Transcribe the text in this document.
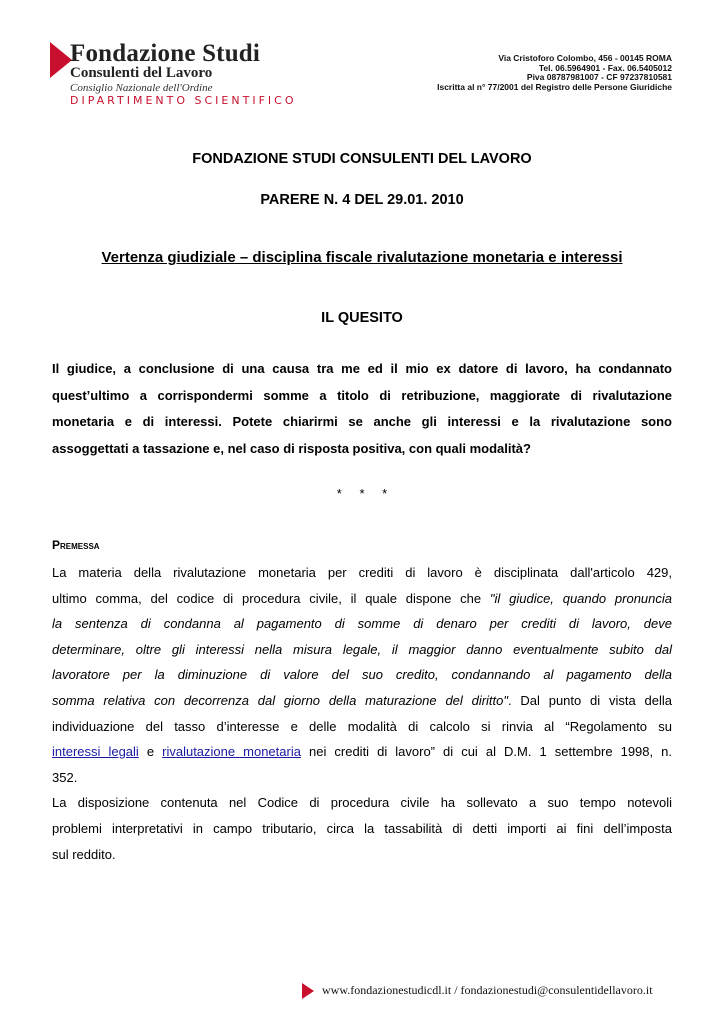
Fondazione Studi
Consulenti del Lavoro
Consiglio Nazionale dell'Ordine
DIPARTIMENTO SCIENTIFICO
Via Cristoforo Colombo, 456 - 00145 ROMA
Tel. 06.5964901 - Fax. 06.5405012
Piva 08787981007 - CF 97237810581
Iscritta al n° 77/2001 del Registro delle Persone Giuridiche
FONDAZIONE STUDI CONSULENTI DEL LAVORO
PARERE N. 4 DEL 29.01. 2010
Vertenza giudiziale – disciplina fiscale rivalutazione monetaria e interessi
IL QUESITO
Il giudice, a conclusione di una causa tra me ed il mio ex datore di lavoro, ha condannato
quest’ultimo a corrispondermi somme a titolo di retribuzione, maggiorate di rivalutazione
monetaria e di interessi. Potete chiarirmi se anche gli interessi e la rivalutazione sono
assoggettati a tassazione e, nel caso di risposta positiva, con quali modalità?
* * *
Premessa
La materia della rivalutazione monetaria per crediti di lavoro è disciplinata dall'articolo 429,
ultimo comma, del codice di procedura civile, il quale dispone che "il giudice, quando pronuncia
la sentenza di condanna al pagamento di somme di denaro per crediti di lavoro, deve
determinare, oltre gli interessi nella misura legale, il maggior danno eventualmente subito dal
lavoratore per la diminuzione di valore del suo credito, condannando al pagamento della
somma relativa con decorrenza dal giorno della maturazione del diritto". Dal punto di vista della
individuazione del tasso d’interesse e delle modalità di calcolo si rinvia al “Regolamento su
interessi legali e rivalutazione monetaria nei crediti di lavoro” di cui al D.M. 1 settembre 1998, n.
352.
La disposizione contenuta nel Codice di procedura civile ha sollevato a suo tempo notevoli
problemi interpretativi in campo tributario, circa la tassabilità di detti importi ai fini dell’imposta
sul reddito.
www.fondazionestudicdl.it / fondazionestudi@consulentidellavoro.it
